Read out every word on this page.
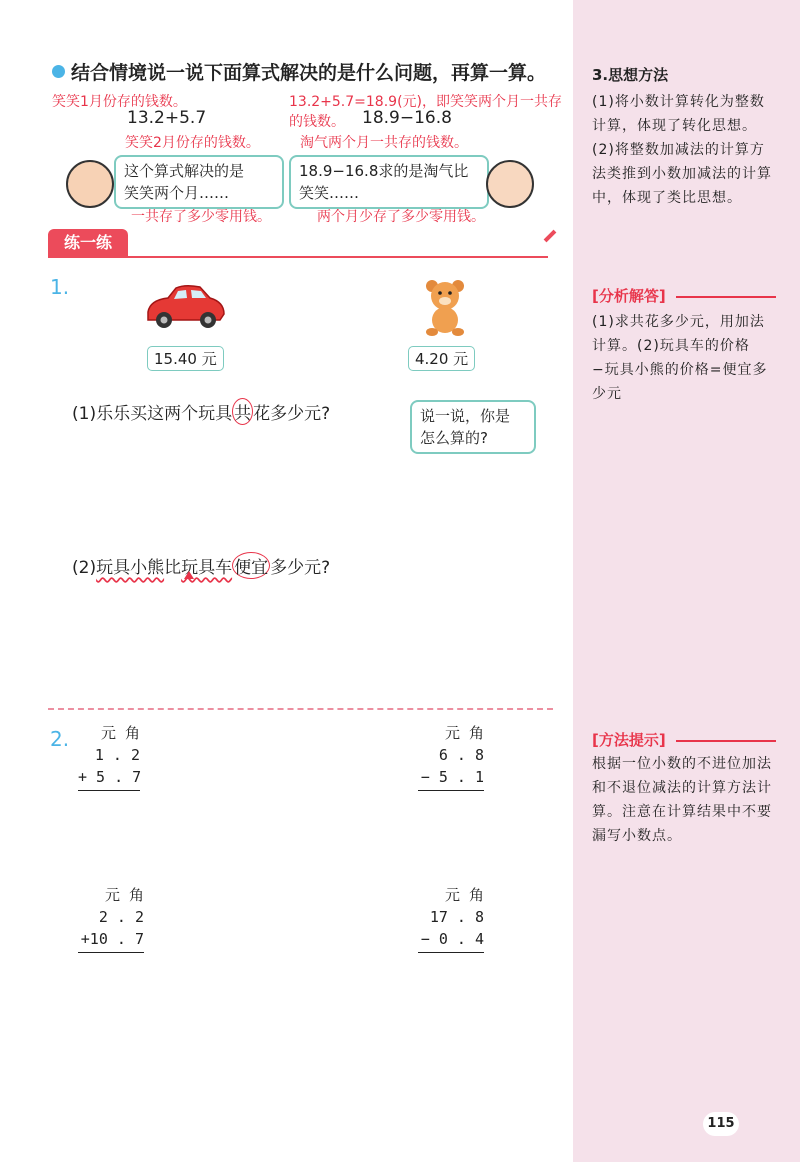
结合情境说一说下面算式解决的是什么问题，再算一算。
笑笑1月份存的钱数。
13.2+5.7
笑笑2月份存的钱数。
这个算式解决的是
笑笑两个月……
一共存了多少零用钱。
13.2+5.7=18.9(元)，即笑笑两个月一共存
的钱数。 18.9−16.8
淘气两个月一共存的钱数。
18.9−16.8求的是淘气比
笑笑……
两个月少存了多少零用钱。
练一练
1.
15.40 元	4.20 元
(1)乐乐买这两个玩具 共 花多少元?	说一说，你是
怎么算的?
(2)玩具小熊比玩具车 便宜 多少元?
2.	元 角
1 . 2
+ 5 . 7
元 角
6 . 8
− 5 . 1
元 角
2 . 2
+10 . 7
元 角
17 . 8
− 0 . 4
3.思想方法
(1)将小数计算转化为整数计算，体现了转化思想。(2)将整数加减法的计算方法类推到小数加减法的计算中，体现了类比思想。
[分析解答]
(1)求共花多少元，用加法计算。(2)玩具车的价格−玩具小熊的价格=便宜多少元
[方法提示]
根据一位小数的不进位加法和不退位减法的计算方法计算。注意在计算结果中不要漏写小数点。
115
